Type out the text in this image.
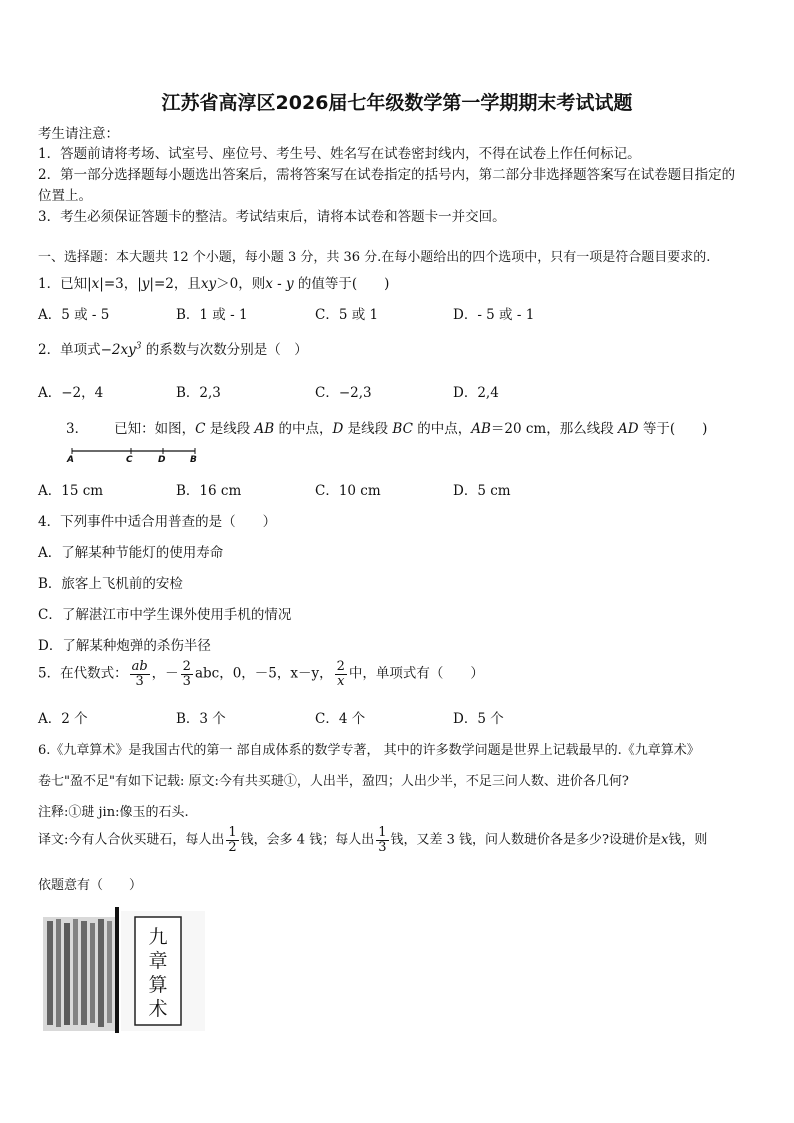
江苏省高淳区2026届七年级数学第一学期期末考试试题
考生请注意：
1．答题前请将考场、试室号、座位号、考生号、姓名写在试卷密封线内，不得在试卷上作任何标记。
2．第一部分选择题每小题选出答案后，需将答案写在试卷指定的括号内，第二部分非选择题答案写在试卷题目指定的
位置上。
3．考生必须保证答题卡的整洁。考试结束后，请将本试卷和答题卡一并交回。
一、选择题：本大题共 12 个小题，每小题 3 分，共 36 分.在每小题给出的四个选项中，只有一项是符合题目要求的.
1．已知|x|=3，|y|=2，且xy＞0，则x - y 的值等于(　　)
A．5 或 - 5	B．1 或 - 1	C．5 或 1	D．- 5 或 - 1
2．单项式$-2xy^3$ 的系数与次数分别是（　）
A．−2，4	B．2,3	C．−2,3	D．2,4
3． 已知：如图，C 是线段 AB 的中点，D 是线段 BC 的中点，AB＝20 cm，那么线段 AD 等于(　　)
A	C	D	B
A．15 cm	B．16 cm	C．10 cm	D．5 cm
4．下列事件中适合用普查的是（　　）
A．了解某种节能灯的使用寿命
B．旅客上飞机前的安检
C．了解湛江市中学生课外使用手机的情况
D．了解某种炮弹的杀伤半径
5．在代数式： $\frac{ab}{3}$ ，－ $\frac{2}{3}$ abc，0，－5，x－y， $\frac{2}{x}$ 中，单项式有（　　）
A．2 个	B．3 个	C．4 个	D．5 个
6.《九章算术》是我国古代的第一 部自成体系的数学专著， 其中的许多数学问题是世界上记载最早的.《九章算术》
卷七"盈不足"有如下记载: 原文:今有共买琎①，人出半，盈四；人出少半，不足三问人数、进价各几何?
注释:①琎 jin:像玉的石头.
译文:今有人合伙买琎石，每人出 $\frac{1}{2}$ 钱，会多 4 钱；每人出 $\frac{1}{3}$ 钱，又差 3 钱，问人数琎价各是多少?设琎价是x钱，则
依题意有（　　）
九
章
算
术
